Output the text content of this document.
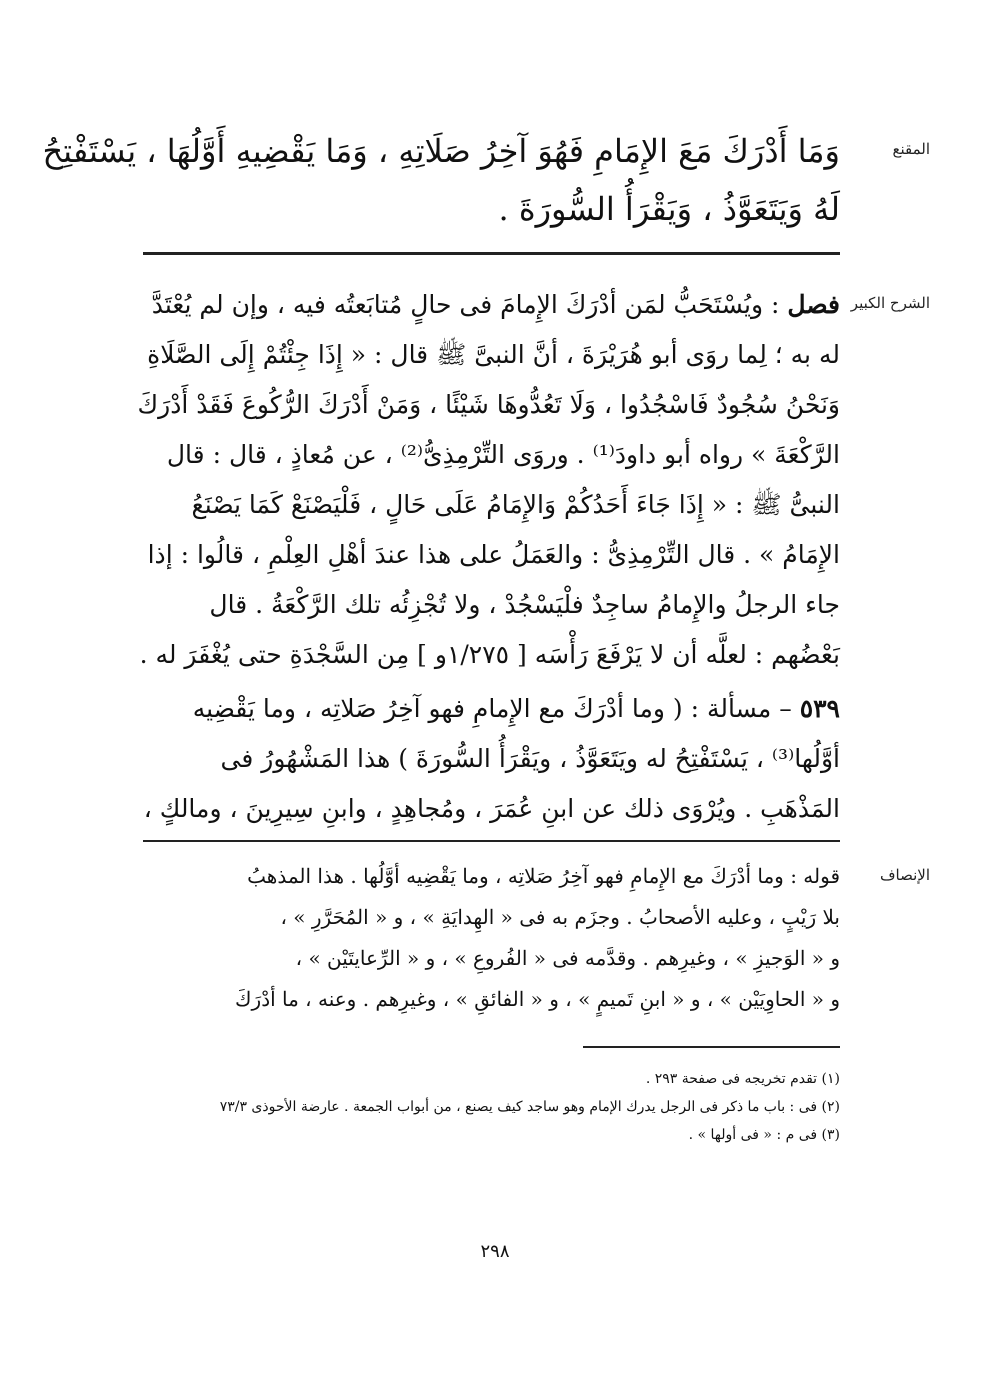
المقنع
وَمَا أَدْرَكَ مَعَ الإِمَامِ فَهُوَ آخِرُ صَلَاتِهِ ، وَمَا يَقْضِيهِ أَوَّلُهَا ، يَسْتَفْتِحُ
لَهُ وَيَتَعَوَّذُ ، وَيَقْرَأُ السُّورَةَ .
الشرح الكبير
فصل : ويُسْتَحَبُّ لمَن أدْرَكَ الإِمامَ فى حالٍ مُتابَعتُه فيه ، وإن لم يُعْتَدَّ
له به ؛ لِما روَى أبو هُرَيْرَةَ ، أنَّ النبىَّ ﷺ قال : « إِذَا جِئْتُمْ إِلَى الصَّلَاةِ
وَنَحْنُ سُجُودٌ فَاسْجُدُوا ، وَلَا تَعُدُّوهَا شَيْئًا ، وَمَنْ أَدْرَكَ الرُّكُوعَ فَقَدْ أَدْرَكَ
الرَّكْعَةَ » رواه أبو داودَ⁽¹⁾ . وروَى التِّرْمِذِىُّ⁽²⁾ ، عن مُعاذٍ ، قال : قال
النبىُّ ﷺ : « إِذَا جَاءَ أَحَدُكُمْ وَالإِمَامُ عَلَى حَالٍ ، فَلْيَصْنَعْ كَمَا يَصْنَعُ
الإِمَامُ » . قال التِّرْمِذِىُّ : والعَمَلُ على هذا عندَ أهْلِ العِلْمِ ، قالُوا : إذا
جاء الرجلُ والإِمامُ ساجِدٌ فلْيَسْجُدْ ، ولا تُجْزِئُه تلك الرَّكْعَةُ . قال
بَعْضُهم : لعلَّه أن لا يَرْفَعَ رَأْسَه [ ١/٢٧٥و ] مِن السَّجْدَةِ حتى يُغْفَرَ له .
٥٣٩ – مسألة : ( وما أدْرَكَ مع الإِمامِ فهو آخِرُ صَلاتِه ، وما يَقْضِيه
أوَّلُها⁽³⁾ ، يَسْتَفْتِحُ له ويَتَعَوَّذُ ، ويَقْرَأُ السُّورَةَ ) هذا المَشْهُورُ فى
المَذْهَبِ . ويُرْوَى ذلك عن ابنِ عُمَرَ ، ومُجاهِدٍ ، وابنِ سِيرِينَ ، ومالكٍ ،
الإنصاف
قوله : وما أدْرَكَ مع الإِمامِ فهو آخِرُ صَلاتِه ، وما يَقْضِيه أوَّلُها . هذا المذهبُ
بلا رَيْبٍ ، وعليه الأصحابُ . وجزَم به فى « الهِدايَةِ » ، و « المُحَرَّرِ » ،
و « الوَجيزِ » ، وغيرِهم . وقدَّمه فى « الفُروعِ » ، و « الرِّعايتَيْن » ،
و « الحاوِيَيْن » ، و « ابنِ تَميمٍ » ، و « الفائقِ » ، وغيرِهم . وعنه ، ما أدْرَكَ

(١) تقدم تخريجه فى صفحة ٢٩٣ .

(٢) فى : باب ما ذكر فى الرجل يدرك الإمام وهو ساجد كيف يصنع ، من أبواب الجمعة . عارضة الأحوذى ٧٣/٣

(٣) فى م : « فى أولها » .

٢٩٨
